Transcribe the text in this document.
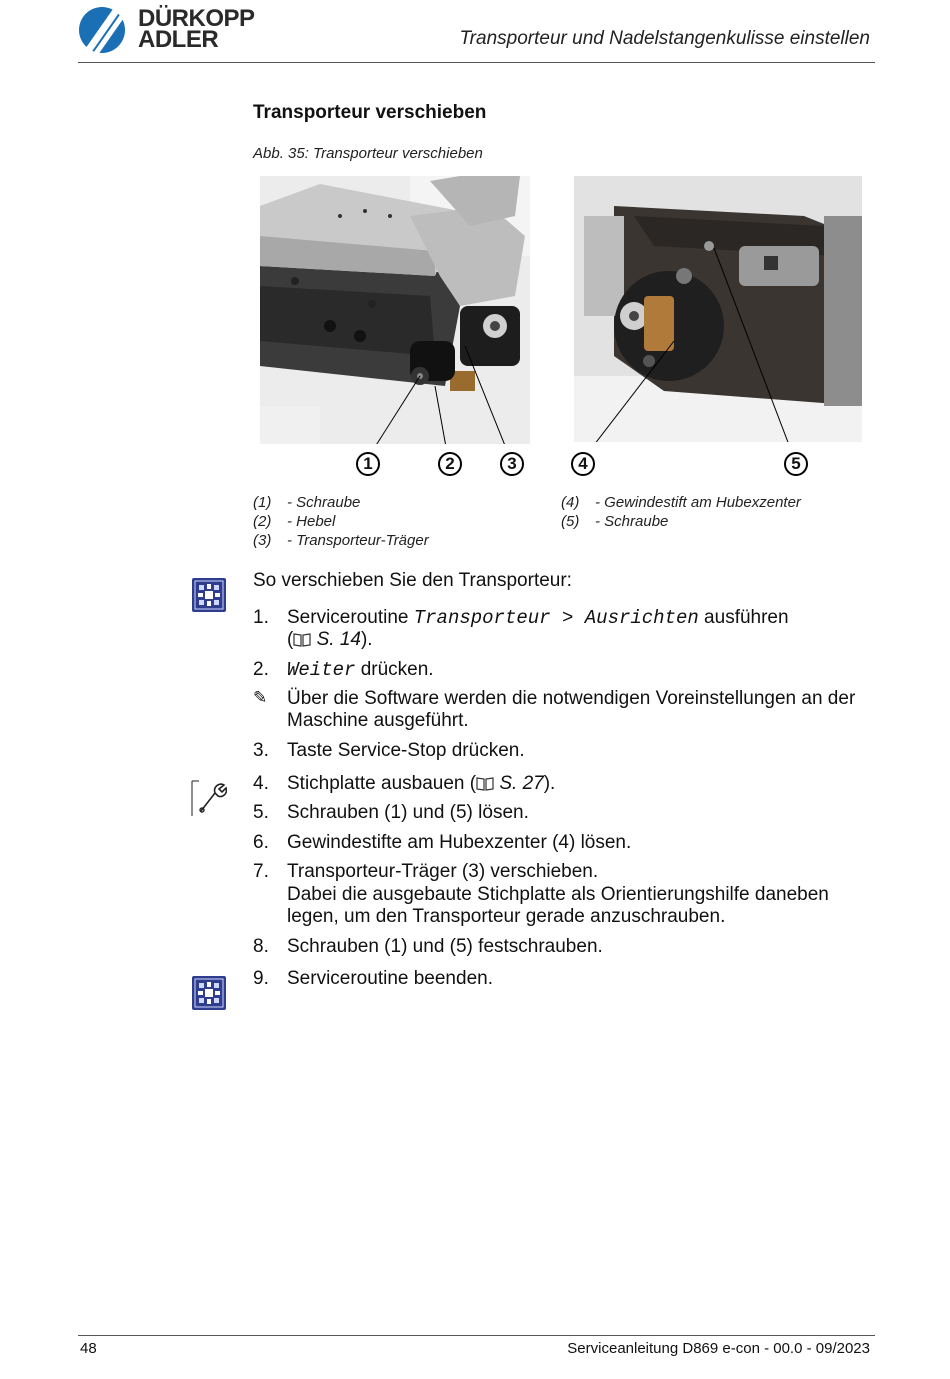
DÜRKOPP
ADLER	Transporteur und Nadelstangenkulisse einstellen
Transporteur verschieben
Abb. 35: Transporteur verschieben
1	2	3	4	5
(1) - Schraube
(2) - Hebel
(3) - Transporteur-Träger
(4) - Gewindestift am Hubexzenter
(5) - Schraube
So verschieben Sie den Transporteur:
1. Serviceroutine Transporteur > Ausrichten ausführen
( S. 14).
2. Weiter drücken.
✎ Über die Software werden die notwendigen Voreinstellungen an der
Maschine ausgeführt.
3. Taste Service-Stop drücken.
4. Stichplatte ausbauen ( S. 27).
5. Schrauben (1) und (5) lösen.
6. Gewindestifte am Hubexzenter (4) lösen.
7. Transporteur-Träger (3) verschieben.
Dabei die ausgebaute Stichplatte als Orientierungshilfe daneben
legen, um den Transporteur gerade anzuschrauben.
8. Schrauben (1) und (5) festschrauben.
9. Serviceroutine beenden.
48	Serviceanleitung D869 e-con - 00.0 - 09/2023
